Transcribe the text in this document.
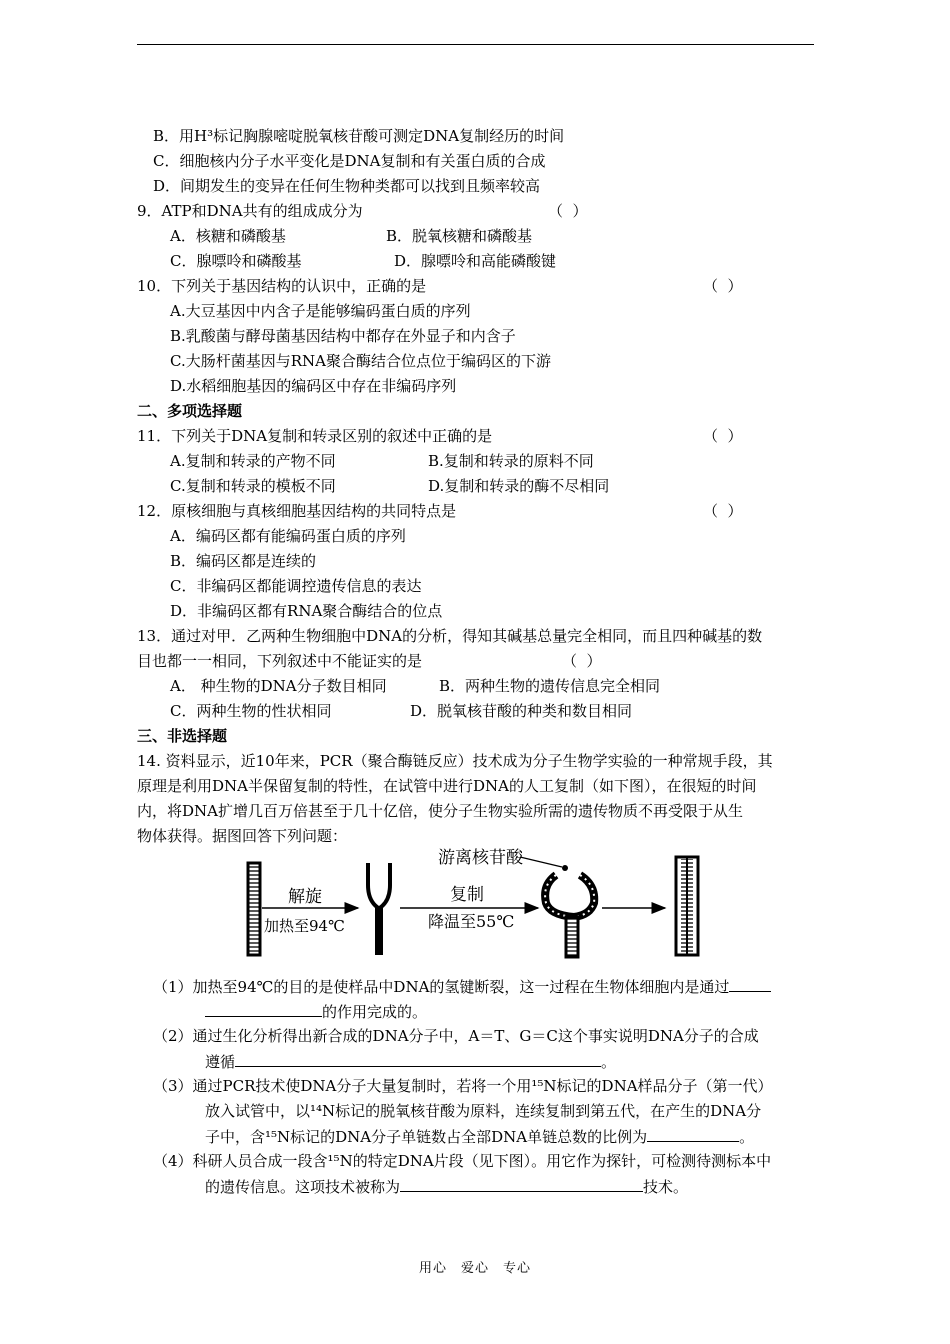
B．用H³标记胸腺嘧啶脱氧核苷酸可测定DNA复制经历的时间
C．细胞核内分子水平变化是DNA复制和有关蛋白质的合成
D．间期发生的变异在任何生物种类都可以找到且频率较高
9．ATP和DNA共有的组成成分为	（  ）
A．核糖和磷酸基	B．脱氧核糖和磷酸基
C．腺嘌呤和磷酸基	D．腺嘌呤和高能磷酸键
10．下列关于基因结构的认识中，正确的是	（  ）
A.大豆基因中内含子是能够编码蛋白质的序列
B.乳酸菌与酵母菌基因结构中都存在外显子和内含子
C.大肠杆菌基因与RNA聚合酶结合位点位于编码区的下游
D.水稻细胞基因的编码区中存在非编码序列
二、多项选择题
11．下列关于DNA复制和转录区别的叙述中正确的是	（  ）
A.复制和转录的产物不同	B.复制和转录的原料不同
C.复制和转录的模板不同	D.复制和转录的酶不尽相同
12．原核细胞与真核细胞基因结构的共同特点是	（  ）
A．编码区都有能编码蛋白质的序列
B．编码区都是连续的
C．非编码区都能调控遗传信息的表达
D．非编码区都有RNA聚合酶结合的位点
13．通过对甲．乙两种生物细胞中DNA的分析，得知其碱基总量完全相同，而且四种碱基的数
目也都一一相同，下列叙述中不能证实的是	（  ）
A． 种生物的DNA分子数目相同	B．两种生物的遗传信息完全相同
C．两种生物的性状相同	D．脱氧核苷酸的种类和数目相同
三、非选择题
14. 资料显示，近10年来，PCR（聚合酶链反应）技术成为分子生物学实验的一种常规手段，其
原理是利用DNA半保留复制的特性，在试管中进行DNA的人工复制（如下图），在很短的时间
内，将DNA扩增几百万倍甚至于几十亿倍，使分子生物实验所需的遗传物质不再受限于从生
物体获得。据图回答下列问题：
解旋
加热至94℃
复制
降温至55℃
游离核苷酸
（1）加热至94℃的目的是使样品中DNA的氢键断裂，这一过程在生物体细胞内是通过
的作用完成的。
（2）通过生化分析得出新合成的DNA分子中，A＝T、G＝C这个事实说明DNA分子的合成
遵循	。
（3）通过PCR技术使DNA分子大量复制时，若将一个用¹⁵N标记的DNA样品分子（第一代）
放入试管中，以¹⁴N标记的脱氧核苷酸为原料，连续复制到第五代，在产生的DNA分
子中，含¹⁵N标记的DNA分子单链数占全部DNA单链总数的比例为	。
（4）科研人员合成一段含¹⁵N的特定DNA片段（见下图）。用它作为探针，可检测待测标本中
的遗传信息。这项技术被称为	技术。
用心　爱心　专心
